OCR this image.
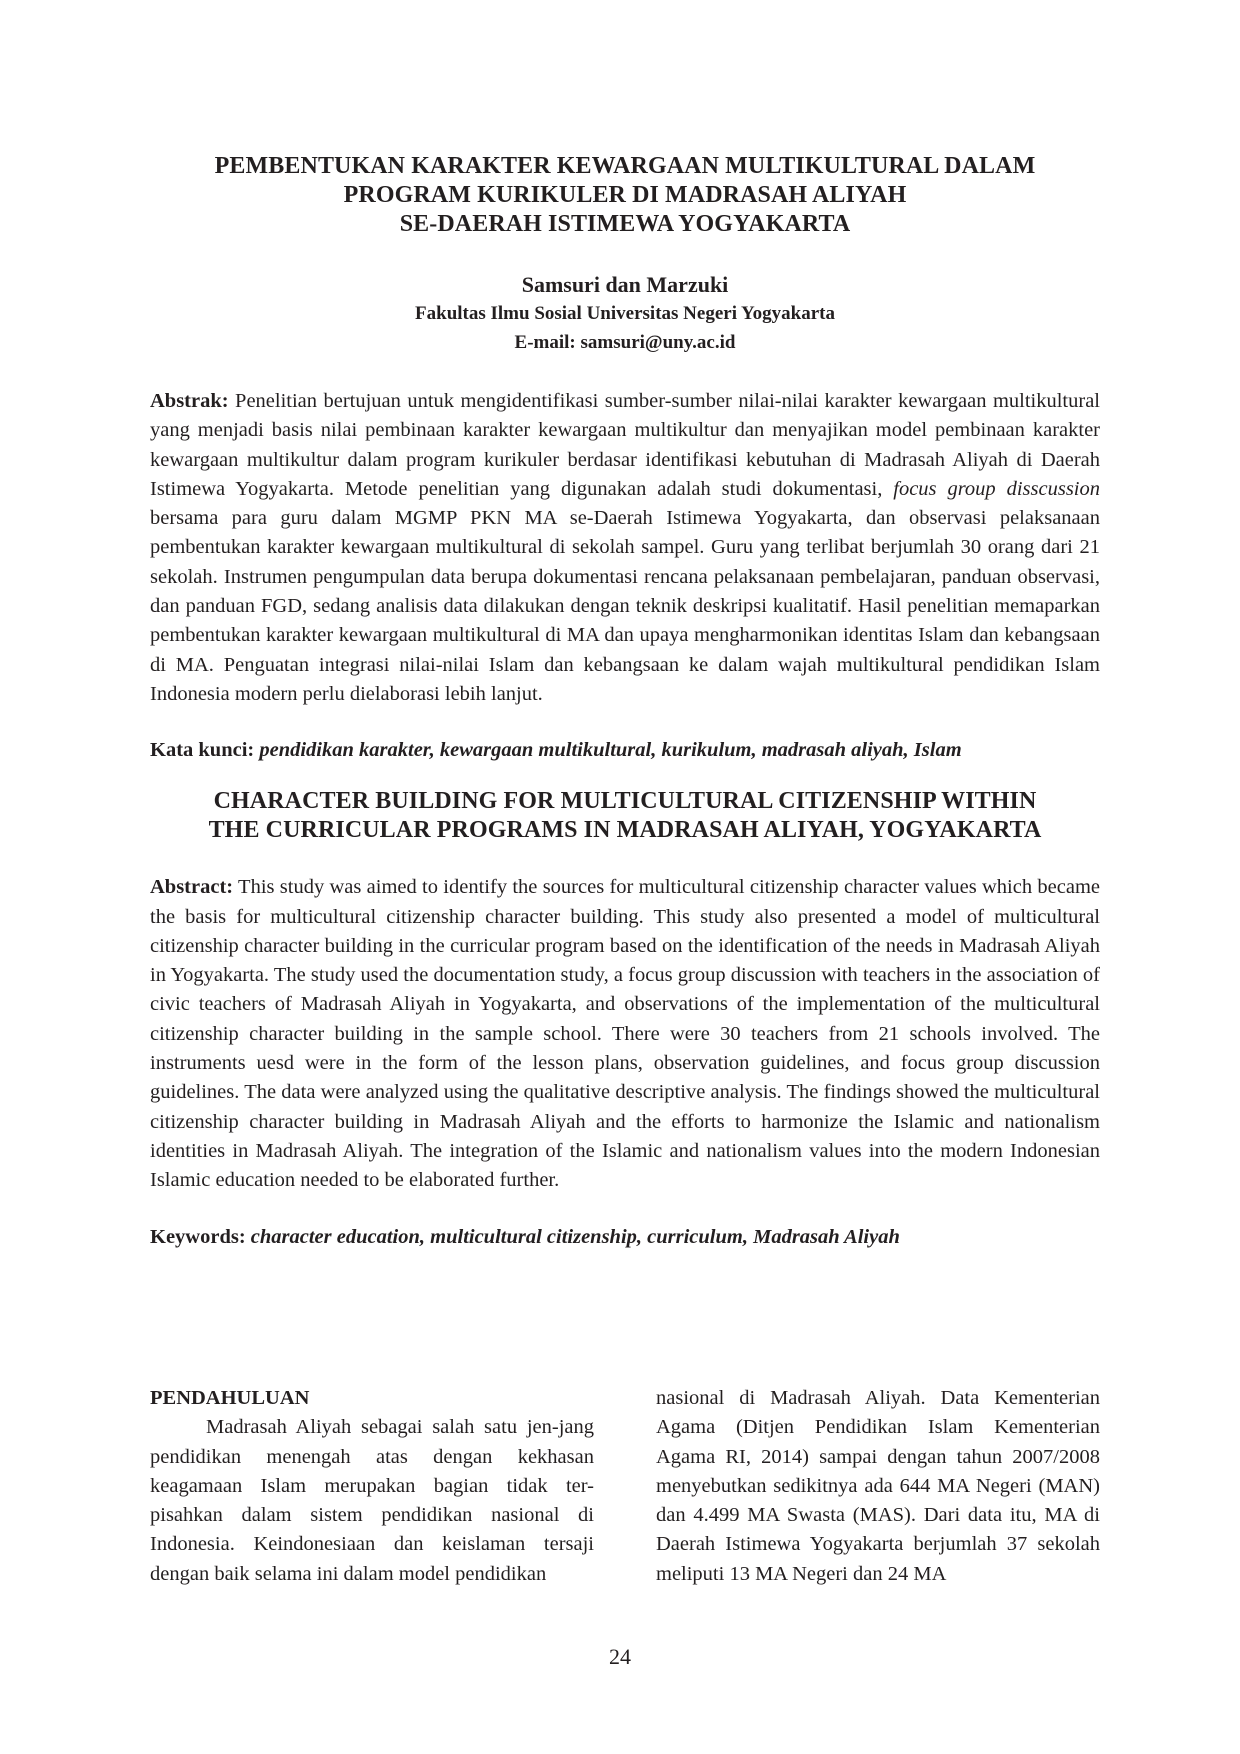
PEMBENTUKAN KARAKTER KEWARGAAN MULTIKULTURAL DALAM

PROGRAM KURIKULER DI MADRASAH ALIYAH

SE-DAERAH ISTIMEWA YOGYAKARTA

Samsuri dan Marzuki
Fakultas Ilmu Sosial Universitas Negeri Yogyakarta
E-mail: samsuri@uny.ac.id

Abstrak: Penelitian bertujuan untuk mengidentifikasi sumber-sumber nilai-nilai karakter kewargaan multikultural yang menjadi basis nilai pembinaan karakter kewargaan multikultur dan menyajikan model pembinaan karakter kewargaan multikultur dalam program kurikuler berdasar identifikasi kebutuhan di Madrasah Aliyah di Daerah Istimewa Yogyakarta. Metode penelitian yang digunakan adalah studi dokumentasi, focus group disscussion bersama para guru dalam MGMP PKN MA se-Daerah Istimewa Yogyakarta, dan observasi pelaksanaan pembentukan karakter kewargaan multikultural di sekolah sampel. Guru yang terlibat berjumlah 30 orang dari 21 sekolah. Instrumen pengumpulan data berupa dokumentasi rencana pelaksanaan pembelajaran, panduan observasi, dan panduan FGD, sedang analisis data dilakukan dengan teknik deskripsi kualitatif. Hasil penelitian memaparkan pembentukan karakter kewargaan multikultural di MA dan upaya mengharmonikan identitas Islam dan kebangsaan di MA. Penguatan integrasi nilai-nilai Islam dan kebangsaan ke dalam wajah multikultural pendidikan Islam Indonesia modern perlu dielaborasi lebih lanjut.

Kata kunci: pendidikan karakter, kewargaan multikultural, kurikulum, madrasah aliyah, Islam

CHARACTER BUILDING FOR MULTICULTURAL CITIZENSHIP WITHIN

THE CURRICULAR PROGRAMS IN MADRASAH ALIYAH, YOGYAKARTA

Abstract: This study was aimed to identify the sources for multicultural citizenship character values which became the basis for multicultural citizenship character building. This study also presented a model of multicultural citizenship character building in the curricular program based on the identification of the needs in Madrasah Aliyah in Yogyakarta. The study used the documentation study, a focus group discussion with teachers in the association of civic teachers of Madrasah Aliyah in Yogyakarta, and observations of the implementation of the multicultural citizenship character building in the sample school. There were 30 teachers from 21 schools involved. The instruments uesd were in the form of the lesson plans, observation guidelines, and focus group discussion guidelines. The data were analyzed using the qualitative descriptive analysis. The findings showed the multicultural citizenship character building in Madrasah Aliyah and the efforts to harmonize the Islamic and nationalism identities in Madrasah Aliyah. The integration of the Islamic and nationalism values into the modern Indonesian Islamic education needed to be elaborated further.

Keywords: character education, multicultural citizenship, curriculum, Madrasah Aliyah

PENDAHULUAN

Madrasah Aliyah sebagai salah satu jen-jang pendidikan menengah atas dengan kekhasan keagamaan Islam merupakan bagian tidak ter-pisahkan dalam sistem pendidikan nasional di Indonesia. Keindonesiaan dan keislaman tersaji dengan baik selama ini dalam model pendidikan

nasional di Madrasah Aliyah. Data Kementerian Agama (Ditjen Pendidikan Islam Kementerian Agama RI, 2014) sampai dengan tahun 2007/2008 menyebutkan sedikitnya ada 644 MA Negeri (MAN) dan 4.499 MA Swasta (MAS). Dari data itu, MA di Daerah Istimewa Yogyakarta berjumlah 37 sekolah meliputi 13 MA Negeri dan 24 MA

24
